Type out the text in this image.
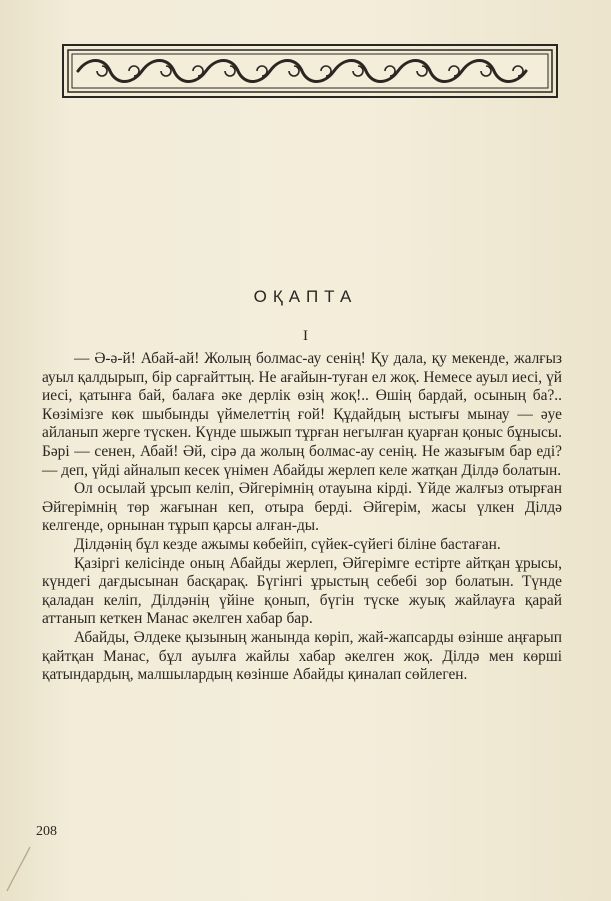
ОҚАПТА
I

— Ә-ә-й! Абай-ай! Жолың болмас-ау сенің! Қу дала, қу мекенде, жалғыз ауыл қалдырып, бір сарғайттың. Не ағайын-туған ел жоқ. Немесе ауыл иесі, үй иесі, қатынға бай, балаға әке дерлік өзің жоқ!.. Өшің бардай, осының ба?.. Көзімізге көк шыбынды үймелеттің ғой! Құдайдың ыстығы мынау — әуе айланып жерге түскен. Күнде шыжып тұрған негылған қуарған қоныс бұнысы. Бәрі — сенен, Абай! Әй, сірә да жолың болмас-ау сенің. Не жазығым бар еді? — деп, үйді айналып кесек үнімен Абайды жерлеп келе жатқан Ділдә болатын.

Ол осылай ұрсып келіп, Әйгерімнің отауына кірді. Үйде жалғыз отырған Әйгерімнің төр жағынан кеп, отыра берді. Әйгерім, жасы үлкен Ділдә келгенде, орнынан тұрып қарсы алған-ды.

Ділдәнің бұл кезде ажымы көбейіп, сүйек-сүйегі біліне бастаған.

Қазіргі келісінде оның Абайды жерлеп, Әйгерімге естірте айтқан ұрысы, күндегі дағдысынан басқарақ. Бүгінгі ұрыстың себебі зор болатын. Түнде қаладан келіп, Ділдәнің үйіне қонып, бүгін түске жуық жайлауға қарай аттанып кеткен Манас әкелген хабар бар.

Абайды, Әлдеке қызының жанында көріп, жай-жапсарды өзінше аңғарып қайтқан Манас, бұл ауылға жайлы хабар әкелген жоқ. Ділдә мен көрші қатындардың, малшылардың көзінше Абайды қиналап сөйлеген.

208
